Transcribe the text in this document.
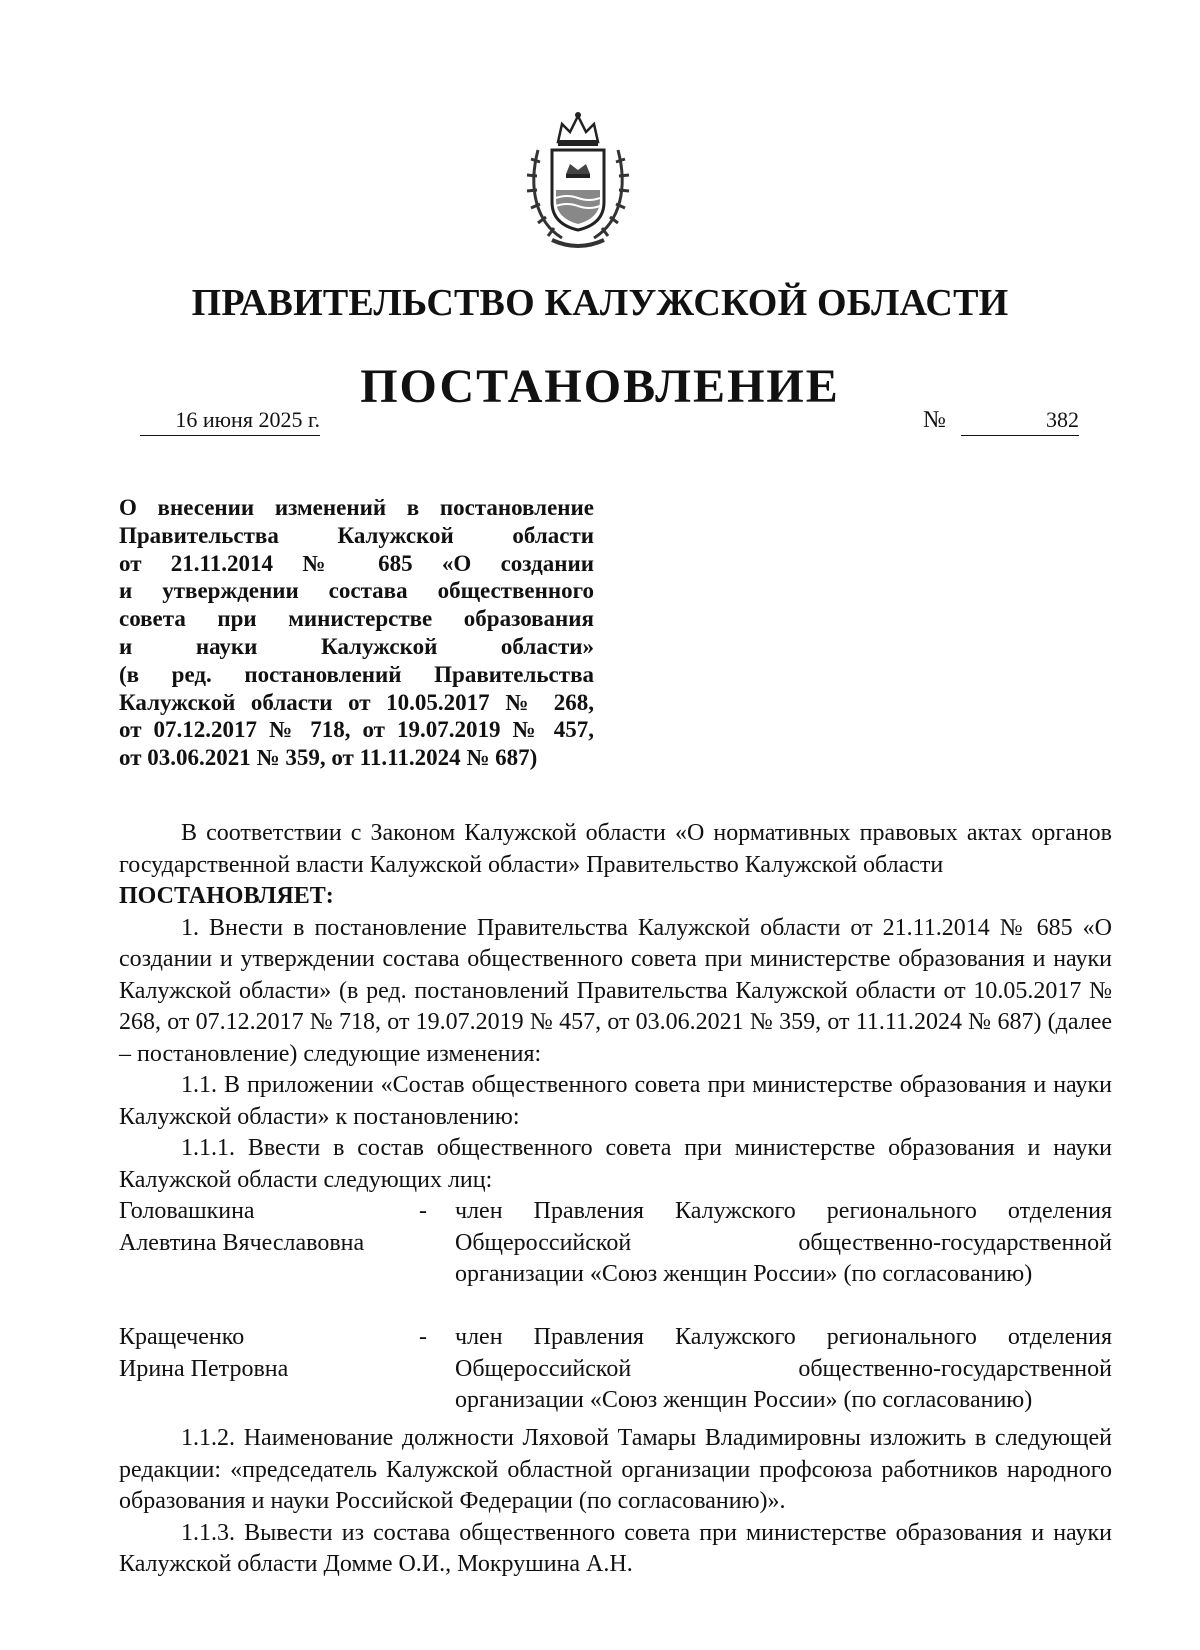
ПРАВИТЕЛЬСТВО КАЛУЖСКОЙ ОБЛАСТИ
ПОСТАНОВЛЕНИЕ
16 июня 2025 г.	№	382
О внесении изменений в постановление
Правительства Калужской области
от 21.11.2014 № 685 «О создании
и утверждении состава общественного
совета при министерстве образования
и науки Калужской области»
(в ред. постановлений Правительства
Калужской области от 10.05.2017 № 268,
от 07.12.2017 № 718, от 19.07.2019 № 457,
от 03.06.2021 № 359, от 11.11.2024 № 687)

В соответствии с Законом Калужской области «О нормативных правовых актах органов государственной власти Калужской области» Правительство Калужской области

ПОСТАНОВЛЯЕТ:

1. Внести в постановление Правительства Калужской области от 21.11.2014 № 685 «О создании и утверждении состава общественного совета при министерстве образования и науки Калужской области» (в ред. постановлений Правительства Калужской области от 10.05.2017 № 268, от 07.12.2017 № 718, от 19.07.2019 № 457, от 03.06.2021 № 359, от 11.11.2024 № 687) (далее – постановление) следующие изменения:

1.1. В приложении «Состав общественного совета при министерстве образования и науки Калужской области» к постановлению:

1.1.1. Ввести в состав общественного совета при министерстве образования и науки Калужской области следующих лиц:

Головашкина
Алевтина Вячеславовна
- член Правления Калужского регионального отделения
Общероссийской общественно-государственной
организации «Союз женщин России» (по согласованию)
Кращеченко
Ирина Петровна
- член Правления Калужского регионального отделения
Общероссийской общественно-государственной
организации «Союз женщин России» (по согласованию)

1.1.2. Наименование должности Ляховой Тамары Владимировны изложить в следующей редакции: «председатель Калужской областной организации профсоюза работников народного образования и науки Российской Федерации (по согласованию)».

1.1.3. Вывести из состава общественного совета при министерстве образования и науки Калужской области Домме О.И., Мокрушина А.Н.
